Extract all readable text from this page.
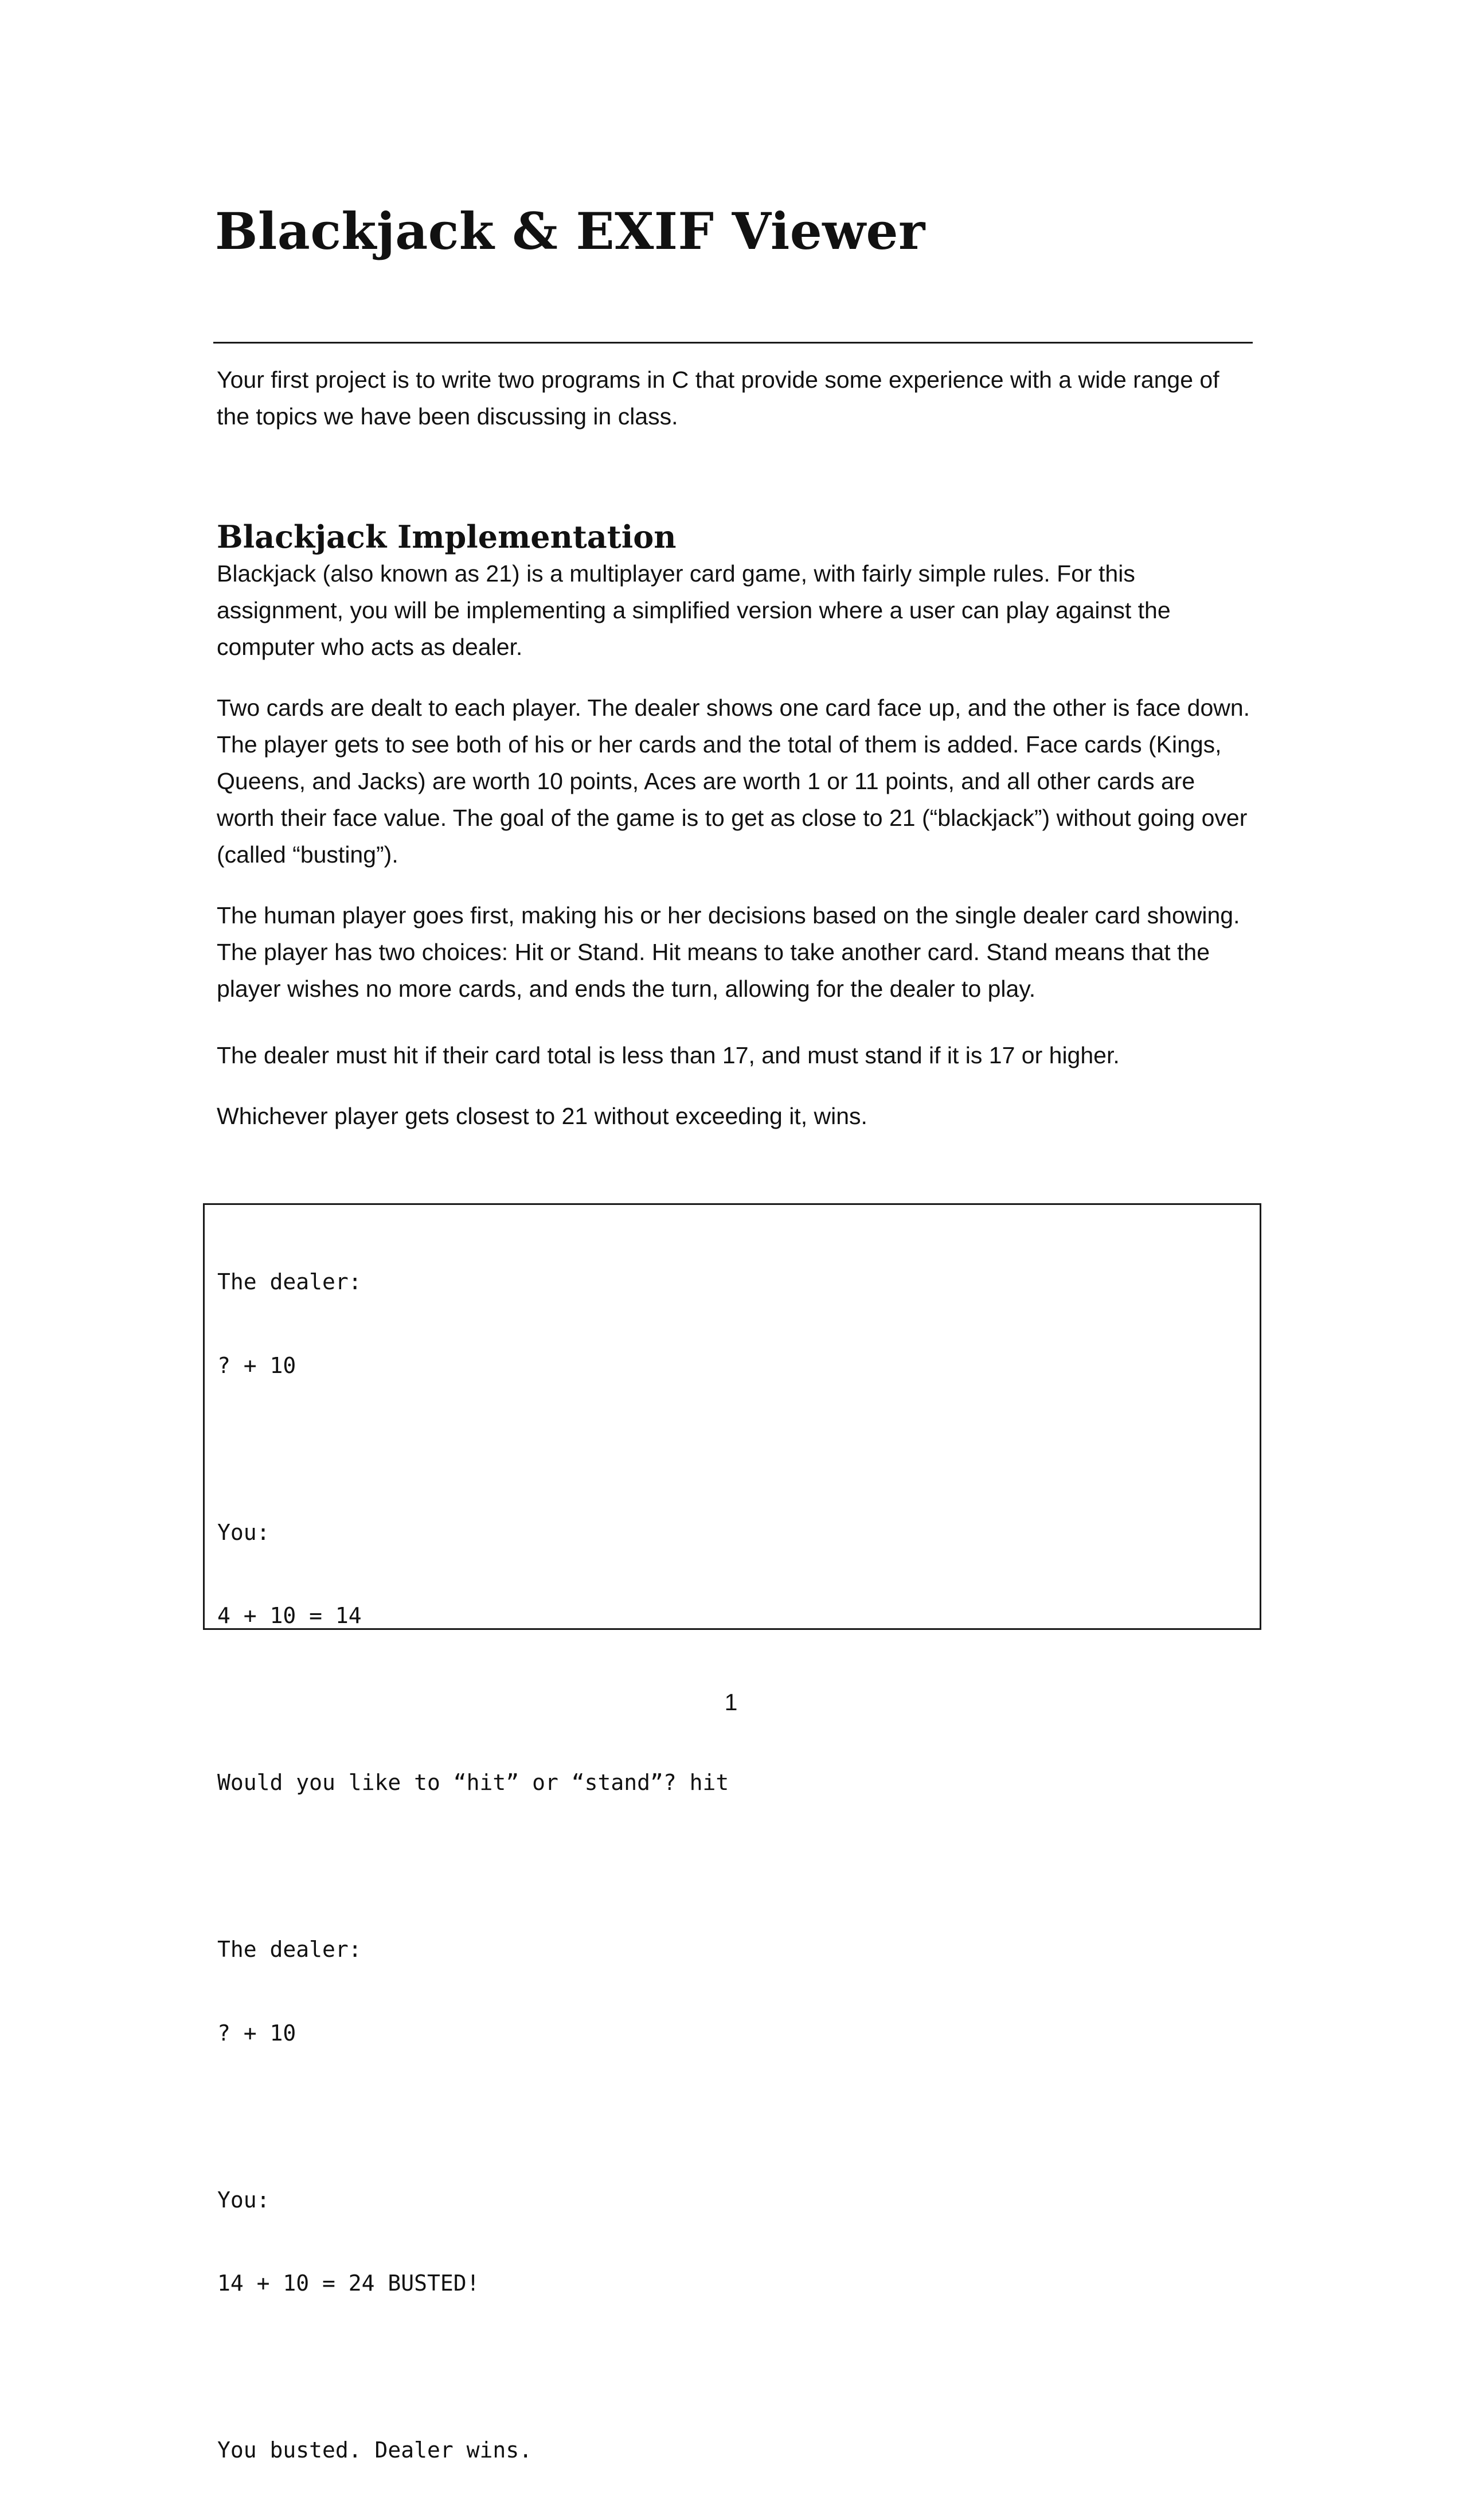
Blackjack & EXIF Viewer

Your first project is to write two programs in C that provide some experience with a wide range of the topics we have been discussing in class.

Blackjack Implementation

Blackjack (also known as 21) is a multiplayer card game, with fairly simple rules. For this assignment, you will be implementing a simplified version where a user can play against the computer who acts as dealer.

Two cards are dealt to each player. The dealer shows one card face up, and the other is face down. The player gets to see both of his or her cards and the total of them is added. Face cards (Kings, Queens, and Jacks) are worth 10 points, Aces are worth 1 or 11 points, and all other cards are worth their face value. The goal of the game is to get as close to 21 (“blackjack”) without going over (called “busting”).

The human player goes first, making his or her decisions based on the single dealer card showing. The player has two choices: Hit or Stand. Hit means to take another card. Stand means that the player wishes no more cards, and ends the turn, allowing for the dealer to play.

The dealer must hit if their card total is less than 17, and must stand if it is 17 or higher.

Whichever player gets closest to 21 without exceeding it, wins.

The dealer:

? + 10

You:

4 + 10 = 14

Would you like to “hit” or “stand”? hit

The dealer:

? + 10

You:

14 + 10 = 24 BUSTED!

You busted. Dealer wins.

1
